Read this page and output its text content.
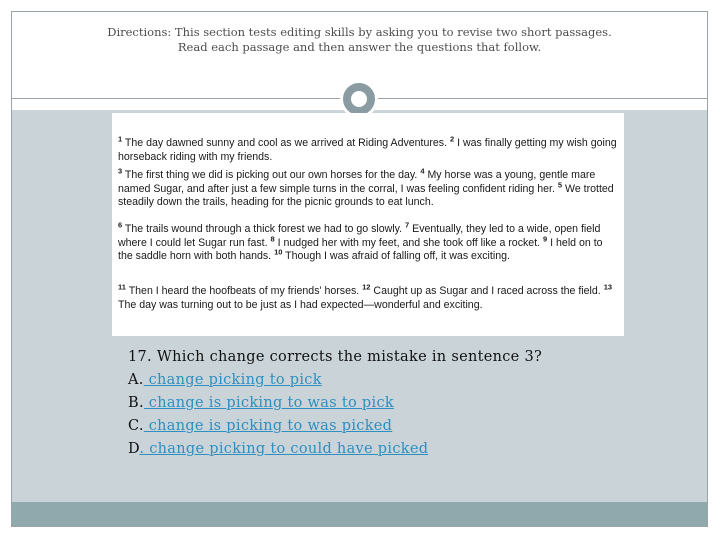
Directions: This section tests editing skills by asking you to revise two short passages.
Read each passage and then answer the questions that follow.

$^1$ The day dawned sunny and cool as we arrived at Riding Adventures. $^2$ I was finally getting my wish going horseback riding with my friends.

$^3$ The first thing we did is picking out our own horses for the day. $^4$ My horse was a young, gentle mare named Sugar, and after just a few simple turns in the corral, I was feeling confident riding her. $^5$ We trotted steadily down the trails, heading for the picnic grounds to eat lunch.

$^6$ The trails wound through a thick forest we had to go slowly. $^7$ Eventually, they led to a wide, open field where I could let Sugar run fast. $^8$ I nudged her with my feet, and she took off like a rocket. $^9$ I held on to the saddle horn with both hands. $^{10}$ Though I was afraid of falling off, it was exciting.

$^{11}$ Then I heard the hoofbeats of my friends' horses. $^{12}$ Caught up as Sugar and I raced across the field. $^{13}$ The day was turning out to be just as I had expected—wonderful and exciting.

17. Which change corrects the mistake in sentence 3?
A. change picking to pick
B. change is picking to was to pick
C. change is picking to was picked
D. change picking to could have picked
